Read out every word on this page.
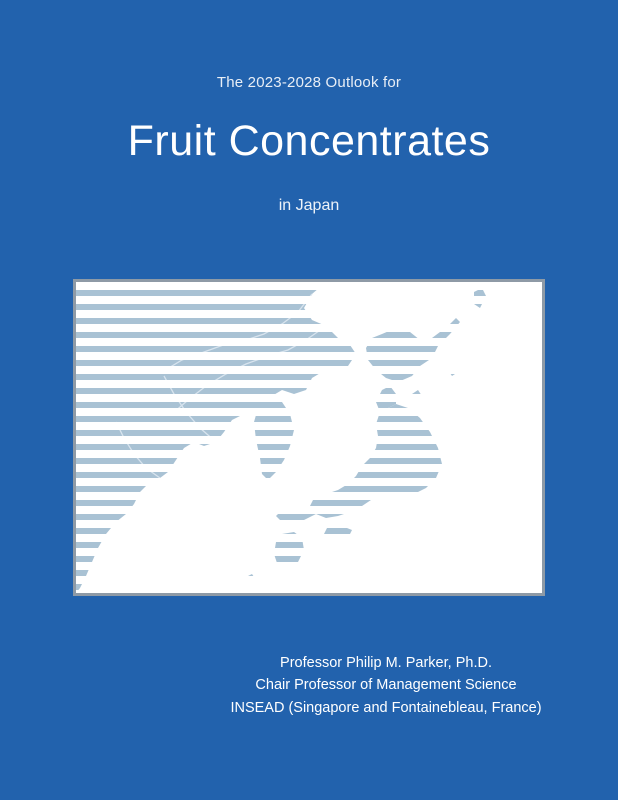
The 2023-2028 Outlook for
Fruit Concentrates
in Japan
Professor Philip M. Parker, Ph.D.
Chair Professor of Management Science
INSEAD (Singapore and Fontainebleau, France)
